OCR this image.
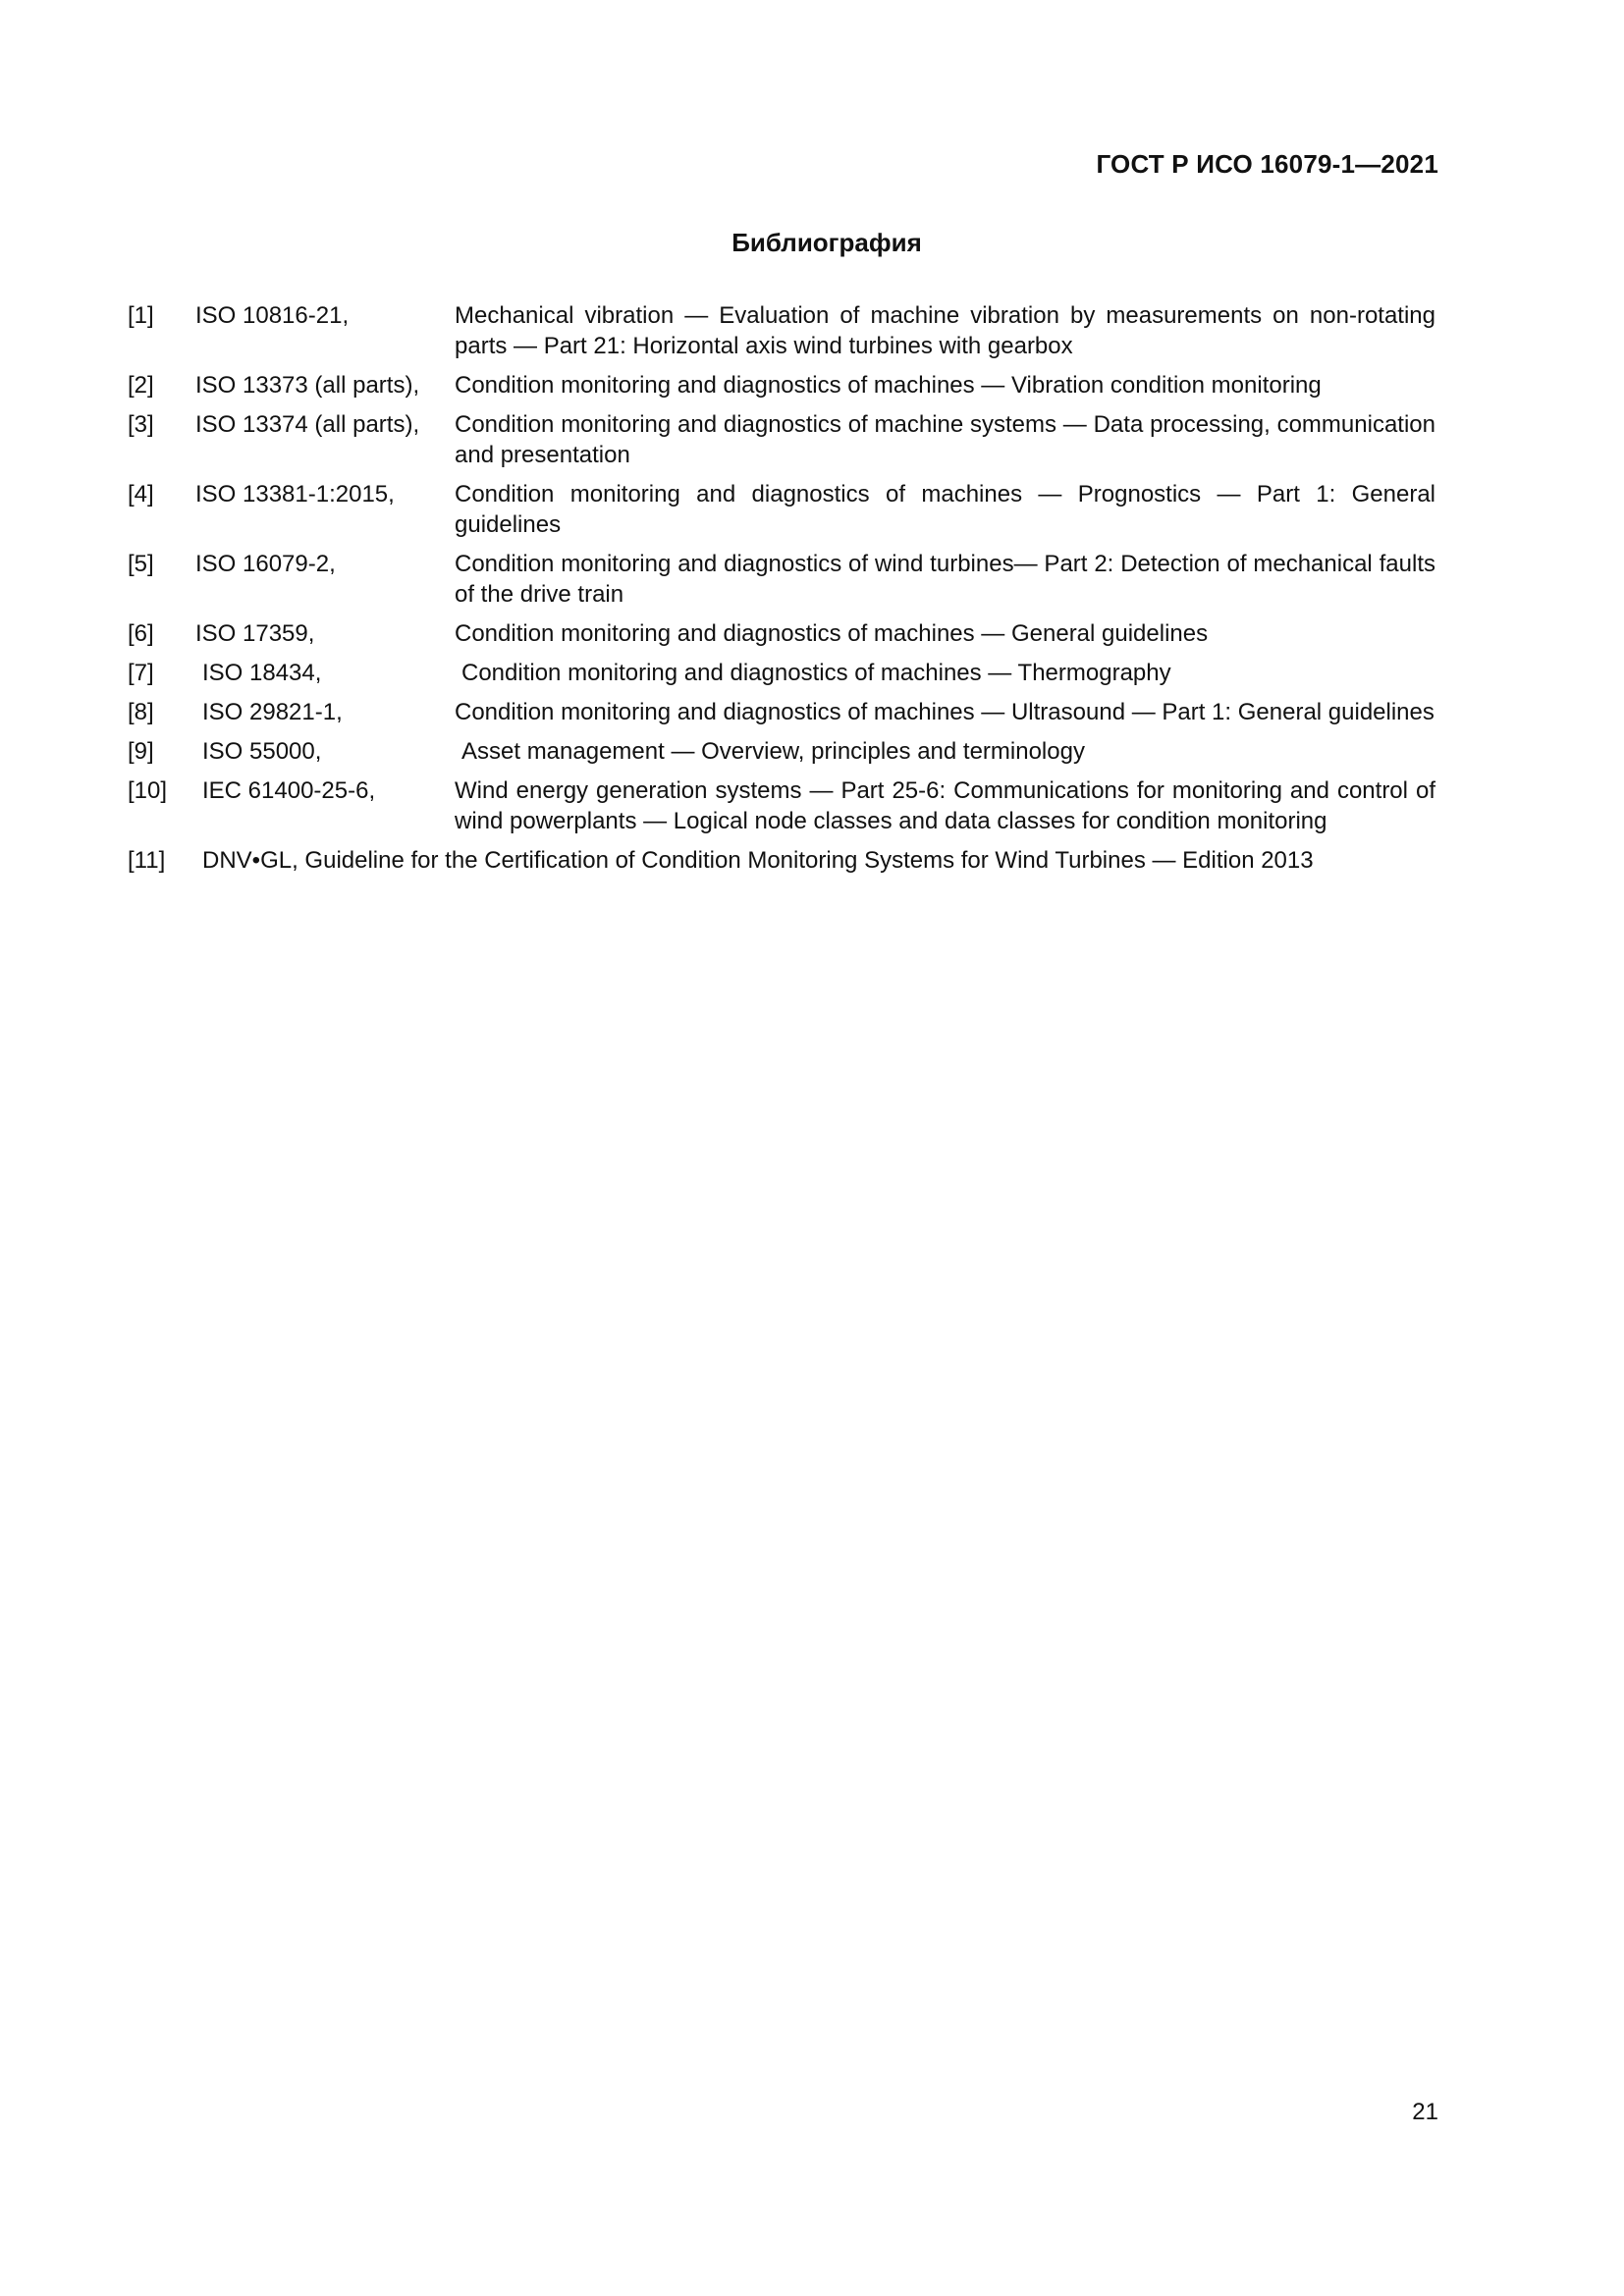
ГОСТ Р ИСО 16079-1—2021
Библиография
[1] ISO 10816-21,	Mechanical vibration — Evaluation of machine vibration by measurements on non-rotating parts — Part 21: Horizontal axis wind turbines with gearbox
[2] ISO 13373 (all parts), Condition monitoring and diagnostics of machines — Vibration condition monitoring
[3] ISO 13374 (all parts), Condition monitoring and diagnostics of machine systems — Data processing, communication and presentation
[4] ISO 13381-1:2015,	Condition monitoring and diagnostics of machines — Prognostics — Part 1: General guidelines
[5] ISO 16079-2,	Condition monitoring and diagnostics of wind turbines— Part 2: Detection of mechanical faults of the drive train
[6] ISO 17359,	Condition monitoring and diagnostics of machines — General guidelines
[7] ISO 18434,	Condition monitoring and diagnostics of machines — Thermography
[8] ISO 29821-1,	Condition monitoring and diagnostics of machines — Ultrasound — Part 1: General guidelines
[9] ISO 55000,	Asset management — Overview, principles and terminology
[10] IEC 61400-25-6,	Wind energy generation systems — Part 25-6: Communications for monitoring and control of wind powerplants — Logical node classes and data classes for condition monitoring
[11] DNV•GL, Guideline for the Certification of Condition Monitoring Systems for Wind Turbines — Edition 2013
21
